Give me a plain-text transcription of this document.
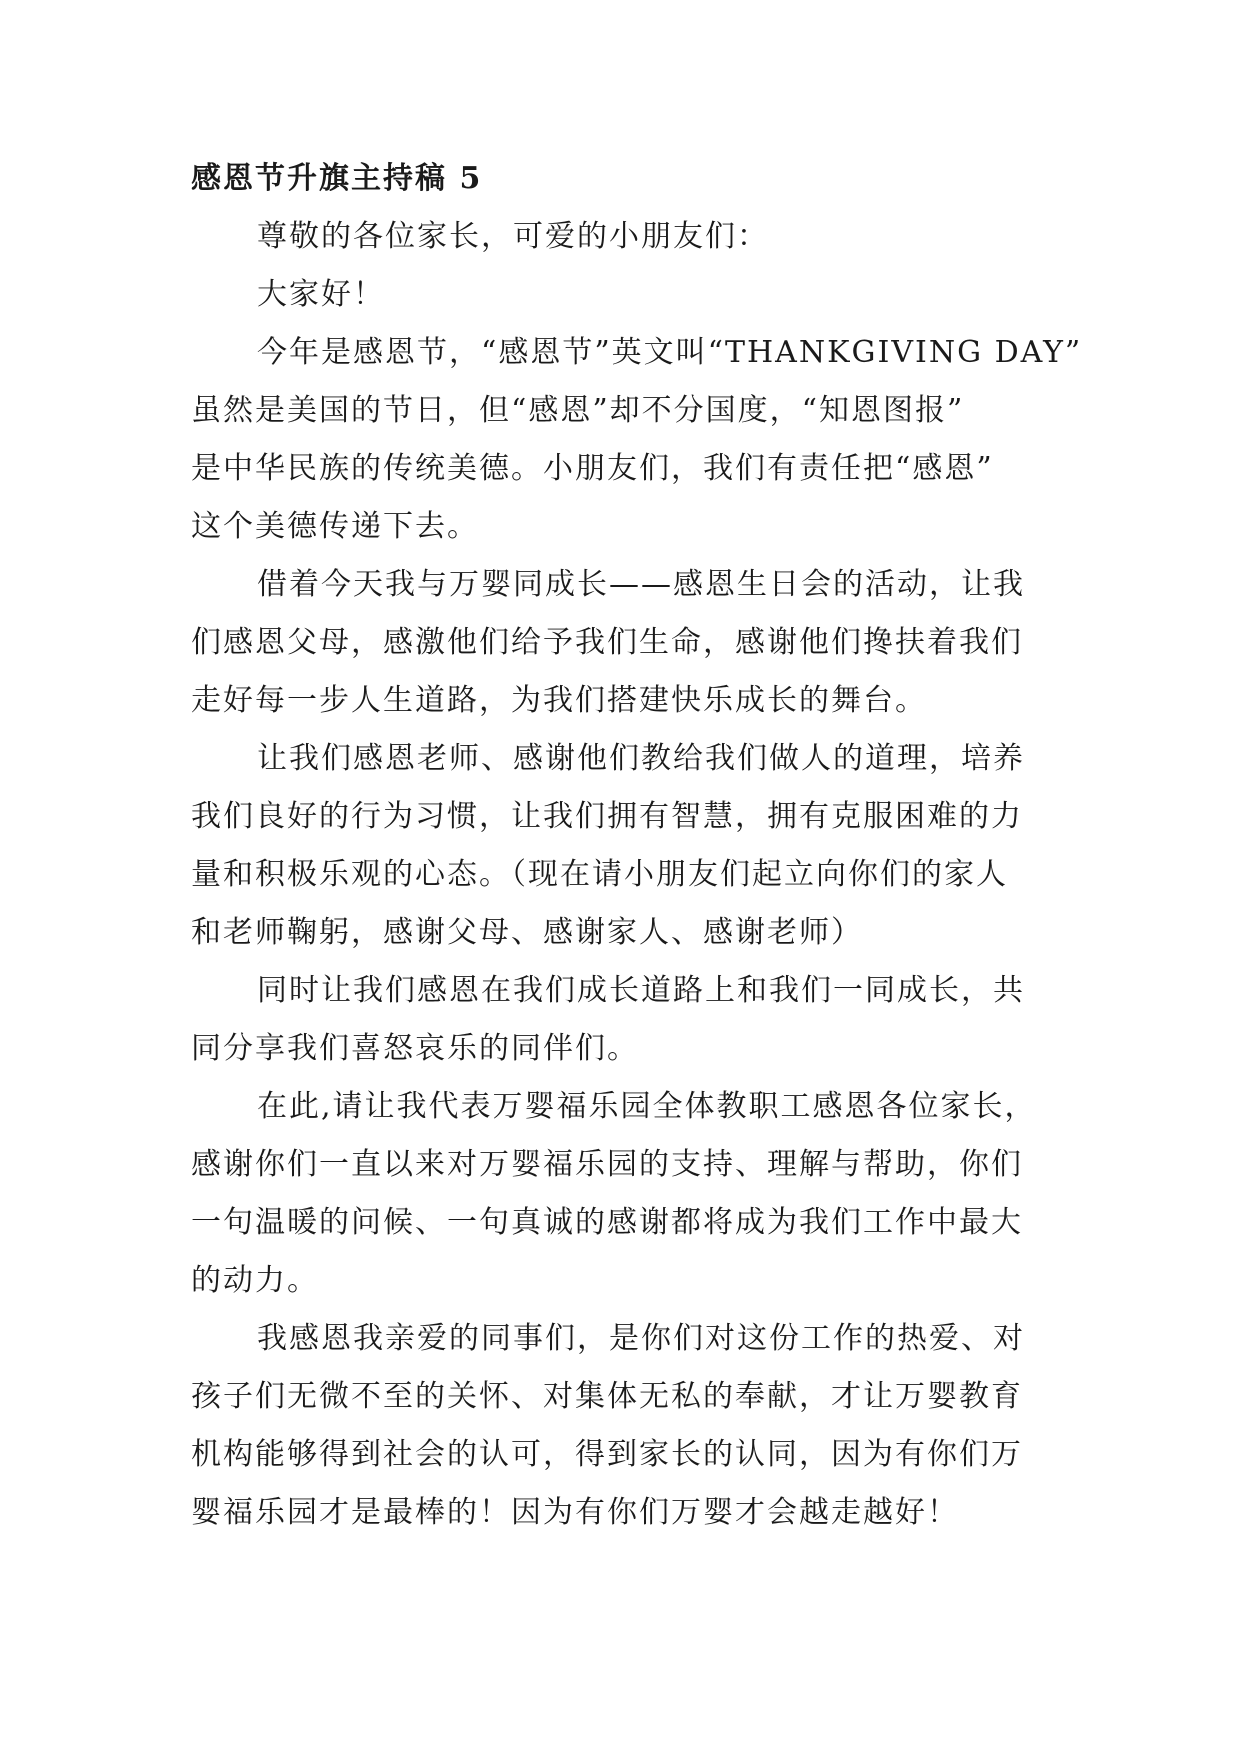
感恩节升旗主持稿 5
尊敬的各位家长，可爱的小朋友们：
大家好！
今年是感恩节，“感恩节”英文叫“THANKGIVING DAY”
虽然是美国的节日，但“感恩”却不分国度，“知恩图报”
是中华民族的传统美德。小朋友们，我们有责任把“感恩”
这个美德传递下去。
借着今天我与万婴同成长——感恩生日会的活动，让我
们感恩父母，感激他们给予我们生命，感谢他们搀扶着我们
走好每一步人生道路，为我们搭建快乐成长的舞台。
让我们感恩老师、感谢他们教给我们做人的道理，培养
我们良好的行为习惯，让我们拥有智慧，拥有克服困难的力
量和积极乐观的心态。（现在请小朋友们起立向你们的家人
和老师鞠躬，感谢父母、感谢家人、感谢老师）
同时让我们感恩在我们成长道路上和我们一同成长，共
同分享我们喜怒哀乐的同伴们。
在此,请让我代表万婴福乐园全体教职工感恩各位家长，
感谢你们一直以来对万婴福乐园的支持、理解与帮助，你们
一句温暖的问候、一句真诚的感谢都将成为我们工作中最大
的动力。
我感恩我亲爱的同事们，是你们对这份工作的热爱、对
孩子们无微不至的关怀、对集体无私的奉献，才让万婴教育
机构能够得到社会的认可，得到家长的认同，因为有你们万
婴福乐园才是最棒的！因为有你们万婴才会越走越好！
